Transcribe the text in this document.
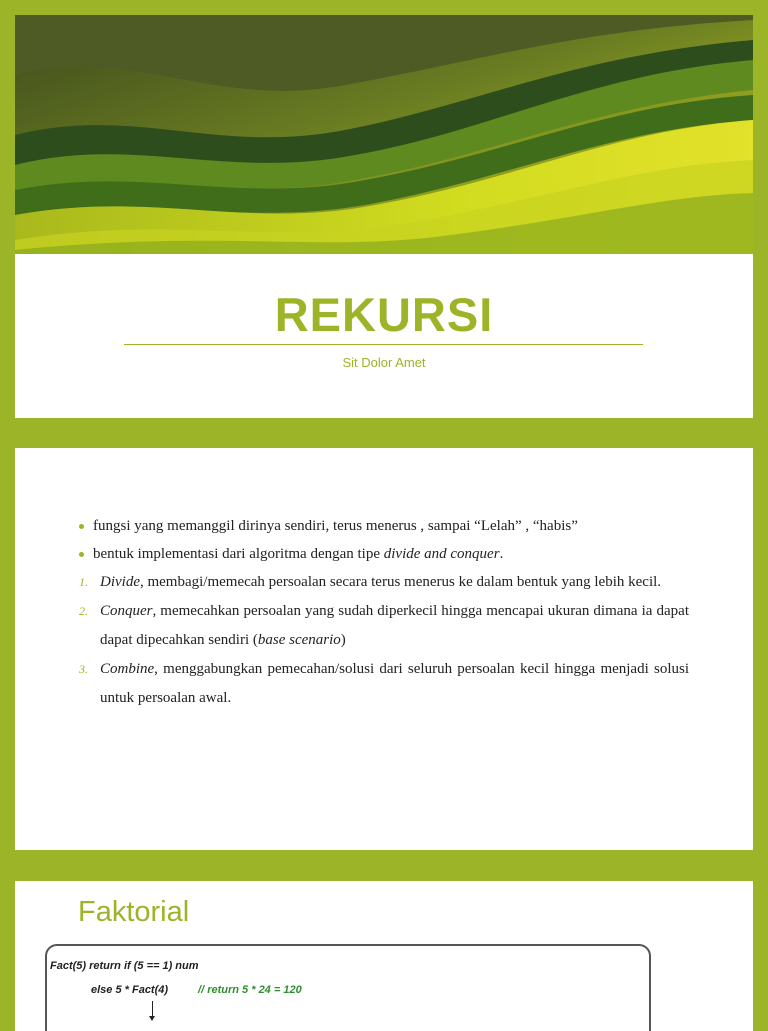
REKURSI
Sit Dolor Amet
fungsi yang memanggil dirinya sendiri, terus menerus , sampai “Lelah” , “habis”
bentuk implementasi dari algoritma dengan tipe divide and conquer.
1. Divide, membagi/memecah persoalan secara terus menerus ke dalam bentuk yang lebih kecil.
2. Conquer, memecahkan persoalan yang sudah diperkecil hingga mencapai ukuran dimana ia dapat dapat dipecahkan sendiri (base scenario)
3. Combine, menggabungkan pemecahan/solusi dari seluruh persoalan kecil hingga menjadi solusi untuk persoalan awal.
Faktorial
Fact(5) return if (5 == 1) num
else 5 * Fact(4)	// return 5 * 24 = 120
